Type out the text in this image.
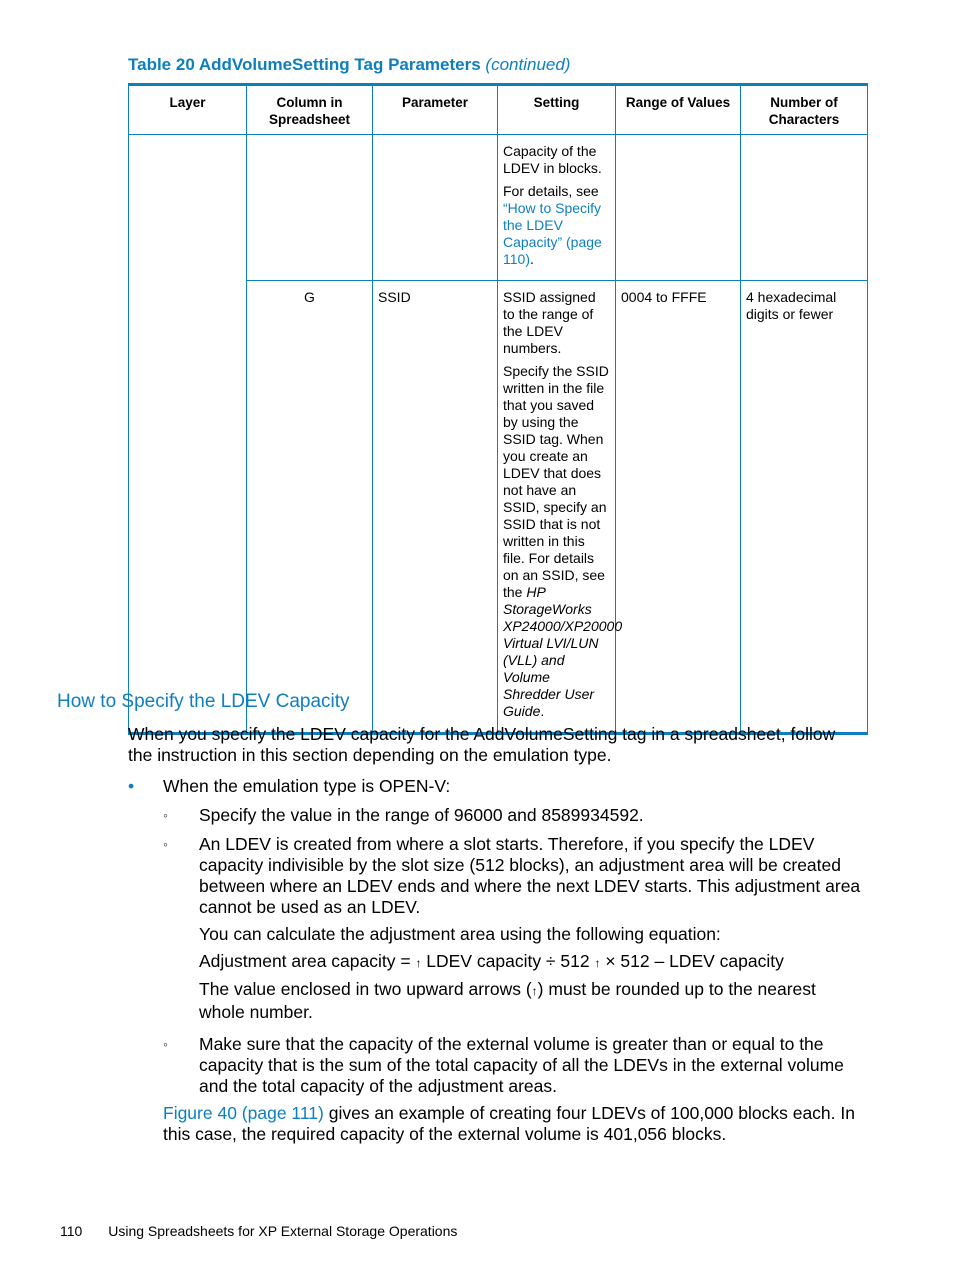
Table 20 AddVolumeSetting Tag Parameters (continued)
Layer	Column in Spreadsheet	Parameter	Setting	Range of Values	Number of Characters

			Capacity of the LDEV in blocks.

For details, see “How to Specify the LDEV Capacity” (page 110).		

	G	SSID	SSID assigned to the range of the LDEV numbers.

Specify the SSID written in the file that you saved by using the SSID tag. When you create an LDEV that does not have an SSID, specify an SSID that is not written in this file. For details on an SSID, see the HP StorageWorks XP24000/XP20000 Virtual LVI/LUN (VLL) and Volume Shredder User Guide.	0004 to FFFE	4 hexadecimal digits or fewer
How to Specify the LDEV Capacity

When you specify the LDEV capacity for the AddVolumeSetting tag in a spreadsheet, follow the instruction in this section depending on the emulation type.

• When the emulation type is OPEN-V:
◦ Specify the value in the range of 96000 and 8589934592.

◦ An LDEV is created from where a slot starts. Therefore, if you specify the LDEV capacity indivisible by the slot size (512 blocks), an adjustment area will be created between where an LDEV ends and where the next LDEV starts. This adjustment area cannot be used as an LDEV.

You can calculate the adjustment area using the following equation:

Adjustment area capacity = ↑ LDEV capacity ÷ 512 ↑ × 512 – LDEV capacity

The value enclosed in two upward arrows (↑) must be rounded up to the nearest whole number.

◦ Make sure that the capacity of the external volume is greater than or equal to the capacity that is the sum of the total capacity of all the LDEVs in the external volume and the total capacity of the adjustment areas.

Figure 40 (page 111) gives an example of creating four LDEVs of 100,000 blocks each. In this case, the required capacity of the external volume is 401,056 blocks.

110 Using Spreadsheets for XP External Storage Operations
